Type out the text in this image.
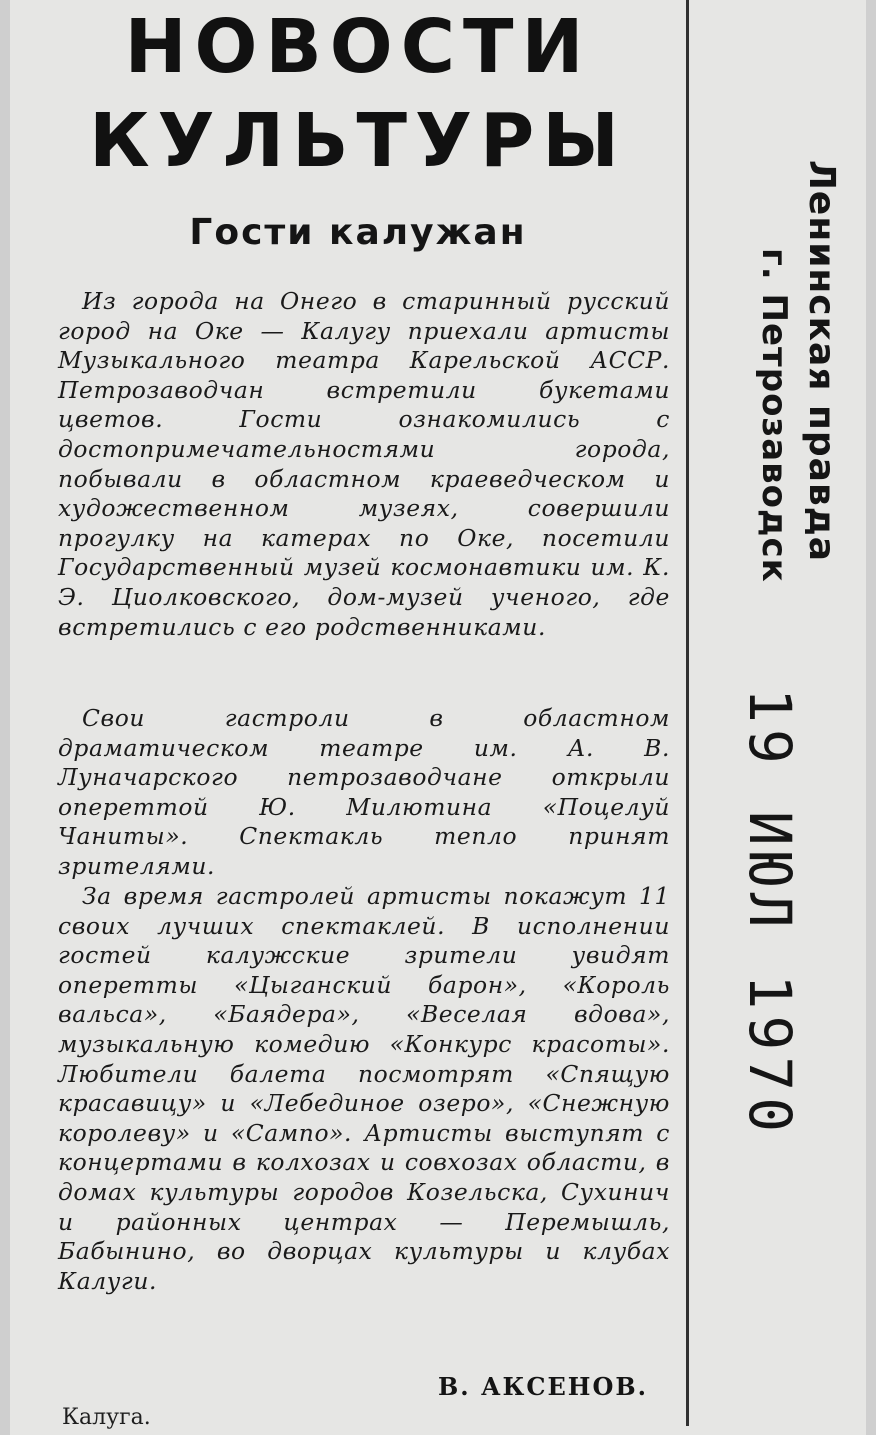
НОВОСТИ
КУЛЬТУРЫ
Гости калужан
Из города на Онего в старинный русский город на Оке — Калугу приехали артисты Музыкального театра Карельской АССР. Петрозаводчан встретили букетами цветов. Гости ознакомились с достопримечательностями города, побывали в областном краеведческом и художественном музеях, совершили прогулку на катерах по Оке, посетили Государственный музей космонавтики им. К. Э. Циолковского, дом-музей ученого, где встретились с его родственниками.
Свои гастроли в областном драматическом театре им. А. В. Луначарского петрозаводчане открыли опереттой Ю. Милютина «Поцелуй Чаниты». Спектакль тепло принят зрителями.
За время гастролей артисты покажут 11 своих лучших спектаклей. В исполнении гостей калужские зрители увидят оперетты «Цыганский барон», «Король вальса», «Баядера», «Веселая вдова», музыкальную комедию «Конкурс красоты». Любители балета посмотрят «Спящую красавицу» и «Лебединое озеро», «Снежную королеву» и «Сампо». Артисты выступят с концертами в колхозах и совхозах области, в домах культуры городов Козельска, Сухинич и районных центрах — Перемышль, Бабынино, во дворцах культуры и клубах Калуги.
В. АКСЕНОВ.
Калуга.
Ленинская правда
г. Петрозаводск
19 ИЮЛ 1970
